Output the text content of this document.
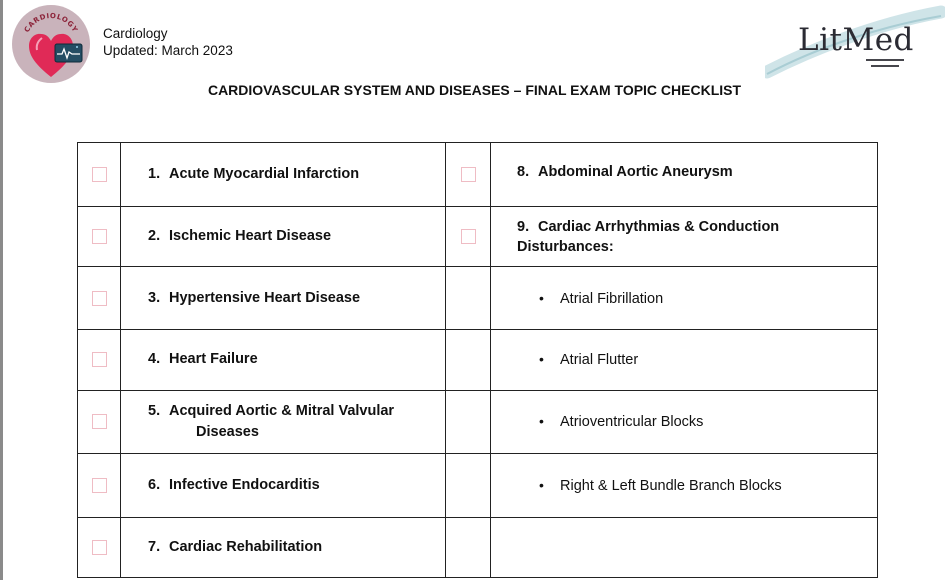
CARDIOLOGY Cardiology
Updated: March 2023	LitMed
CARDIOVASCULAR SYSTEM AND DISEASES – FINAL EXAM TOPIC CHECKLIST

	1. Acute Myocardial Infarction		8. Abdominal Aortic Aneurysm

	2. Ischemic Heart Disease		9. Cardiac Arrhythmias & Conduction
Disturbances:

	3. Hypertensive Heart Disease		• Atrial Fibrillation

	4. Heart Failure		• Atrial Flutter

	5. Acquired Aortic & Mitral Valvular
Diseases		• Atrioventricular Blocks

	6. Infective Endocarditis		• Right & Left Bundle Branch Blocks

	7. Cardiac Rehabilitation		
